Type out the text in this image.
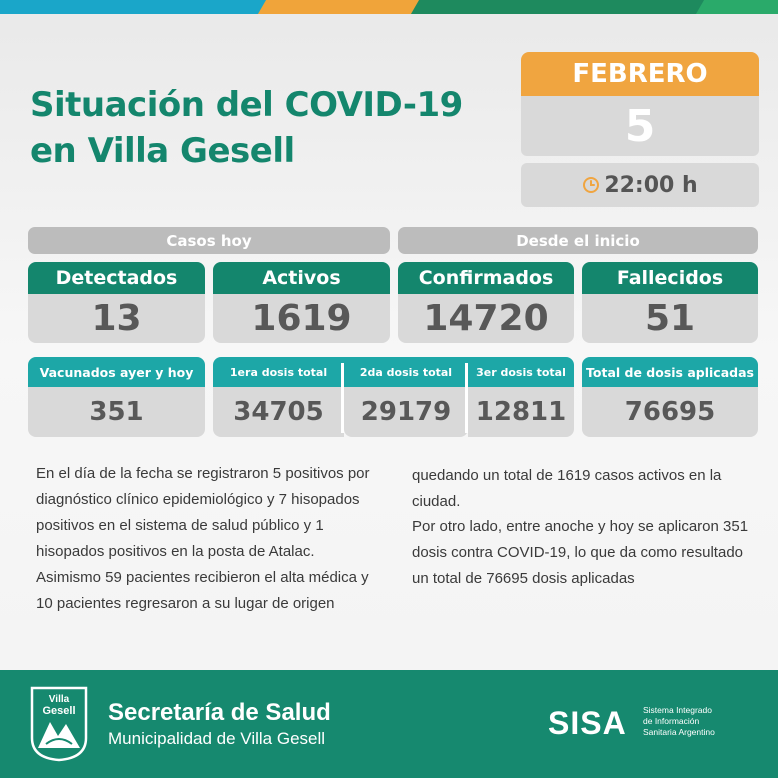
Situación del COVID-19
en Villa Gesell
FEBRERO
5
22:00 h
Casos hoy	Desde el inicio
Detectados
13
Activos
1619
Confirmados
14720
Fallecidos
51
Vacunados ayer y hoy
351
1era dosis total
34705
2da dosis total
29179
3er dosis total
12811
Total de dosis aplicadas
76695
En el día de la fecha se registraron 5 positivos por diagnóstico clínico epidemiológico y 7 hisopados positivos en el sistema de salud público y 1 hisopados positivos en la posta de Atalac. Asimismo 59 pacientes recibieron el alta médica y 10 pacientes regresaron a su lugar de origen
quedando un total de 1619 casos activos en la ciudad.
Por otro lado, entre anoche y hoy se aplicaron 351 dosis contra COVID-19, lo que da como resultado un total de 76695 dosis aplicadas
Villa
Gesell Secretaría de Salud
Municipalidad de Villa Gesell	SISA Sistema Integrado
de Información
Sanitaria Argentino
